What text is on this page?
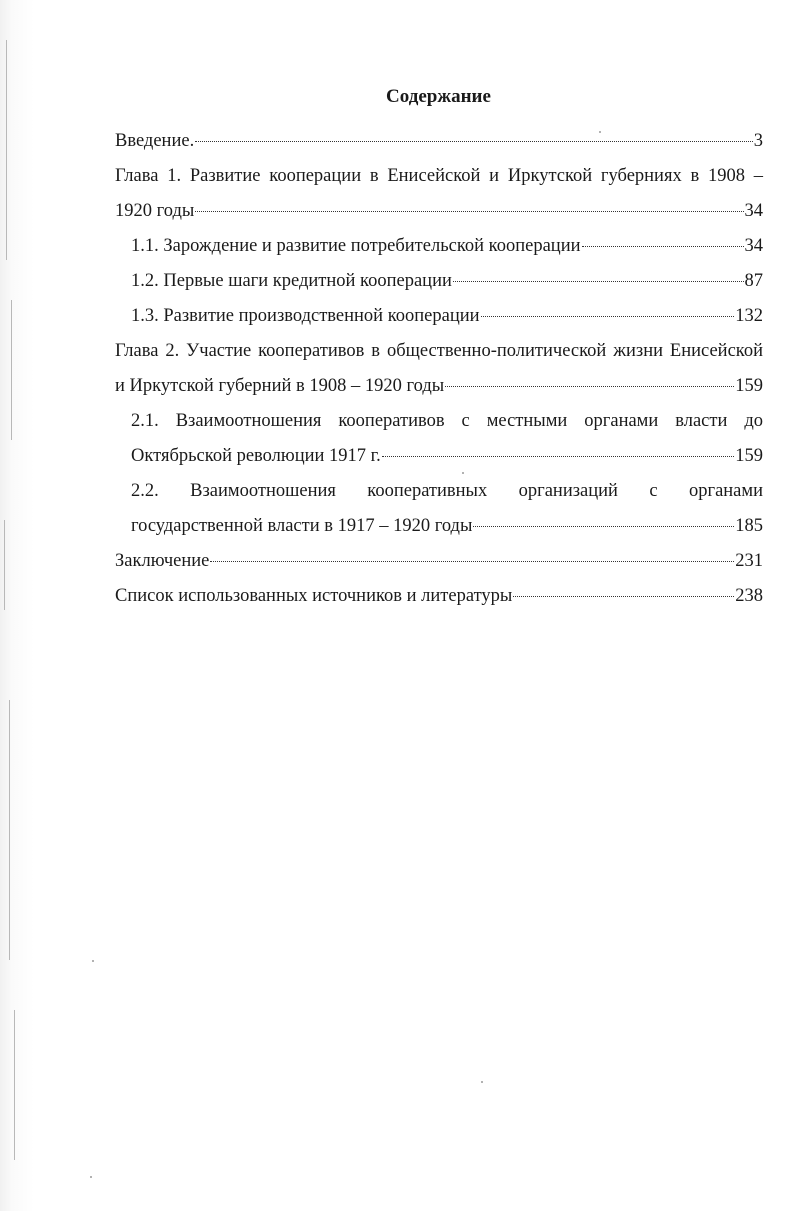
Содержание
Введение.	3
Глава 1. Развитие кооперации в Енисейской и Иркутской губерниях в 1908 –
1920 годы	34
1.1. Зарождение и развитие потребительской кооперации	34
1.2. Первые шаги кредитной кооперации	87
1.3. Развитие производственной кооперации	132
Глава 2. Участие кооперативов в общественно-политической жизни Енисейской
и Иркутской губерний в 1908 – 1920 годы	159
2.1. Взаимоотношения кооперативов с местными органами власти до
Октябрьской революции 1917 г.	159
2.2. Взаимоотношения кооперативных организаций с органами
государственной власти в 1917 – 1920 годы	185
Заключение	231
Список использованных источников и литературы	238
